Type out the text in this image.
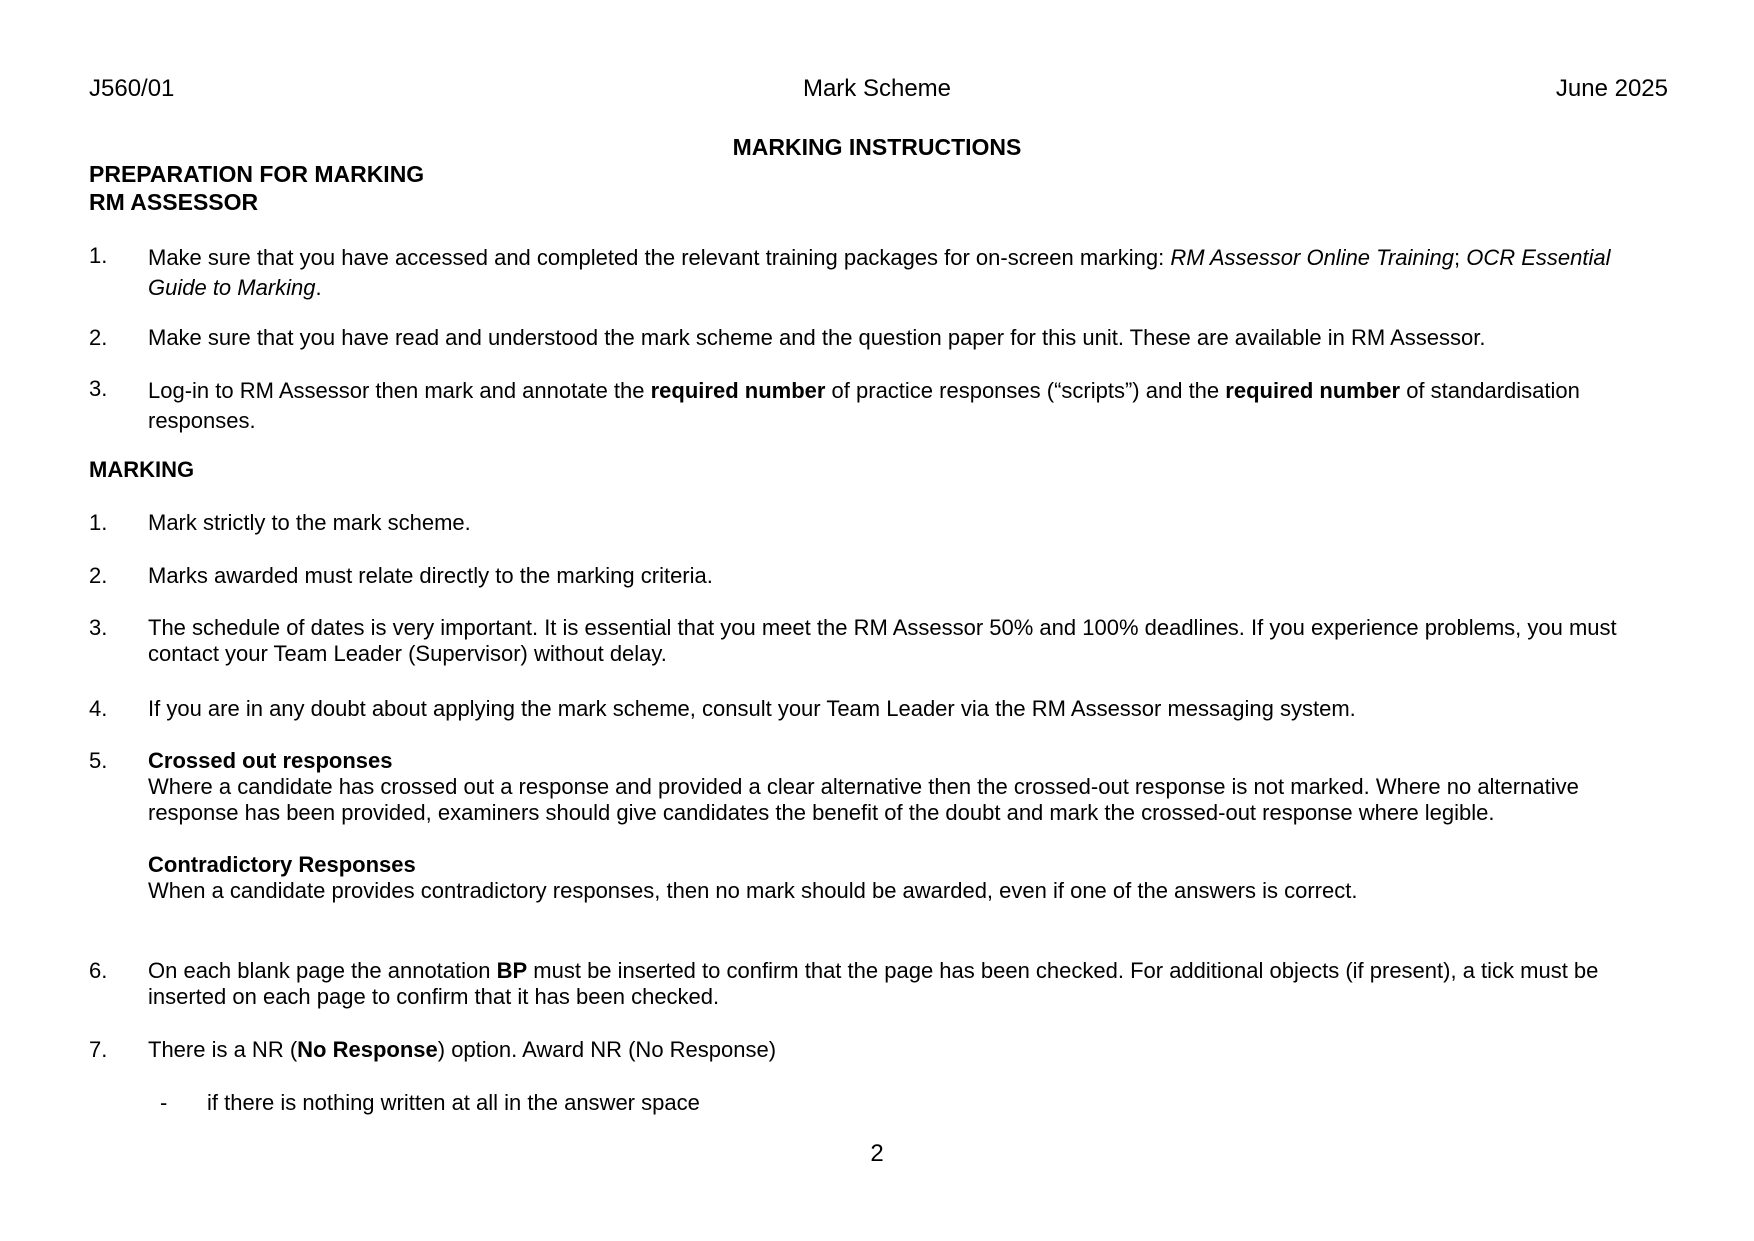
J560/01	Mark Scheme	June 2025
MARKING INSTRUCTIONS
PREPARATION FOR MARKING
RM ASSESSOR
1. Make sure that you have accessed and completed the relevant training packages for on-screen marking: RM Assessor Online Training; OCR Essential Guide to Marking.

2. Make sure that you have read and understood the mark scheme and the question paper for this unit. These are available in RM Assessor.

3. Log-in to RM Assessor then mark and annotate the required number of practice responses (“scripts”) and the required number of standardisation responses.

MARKING
1. Mark strictly to the mark scheme.

2. Marks awarded must relate directly to the marking criteria.

3. The schedule of dates is very important. It is essential that you meet the RM Assessor 50% and 100% deadlines. If you experience problems, you must contact your Team Leader (Supervisor) without delay.

4. If you are in any doubt about applying the mark scheme, consult your Team Leader via the RM Assessor messaging system.

5. Crossed out responses

Where a candidate has crossed out a response and provided a clear alternative then the crossed-out response is not marked. Where no alternative response has been provided, examiners should give candidates the benefit of the doubt and mark the crossed-out response where legible.

Contradictory Responses

When a candidate provides contradictory responses, then no mark should be awarded, even if one of the answers is correct.

6. On each blank page the annotation BP must be inserted to confirm that the page has been checked. For additional objects (if present), a tick must be inserted on each page to confirm that it has been checked.

7. There is a NR (No Response) option. Award NR (No Response)

- if there is nothing written at all in the answer space
2
